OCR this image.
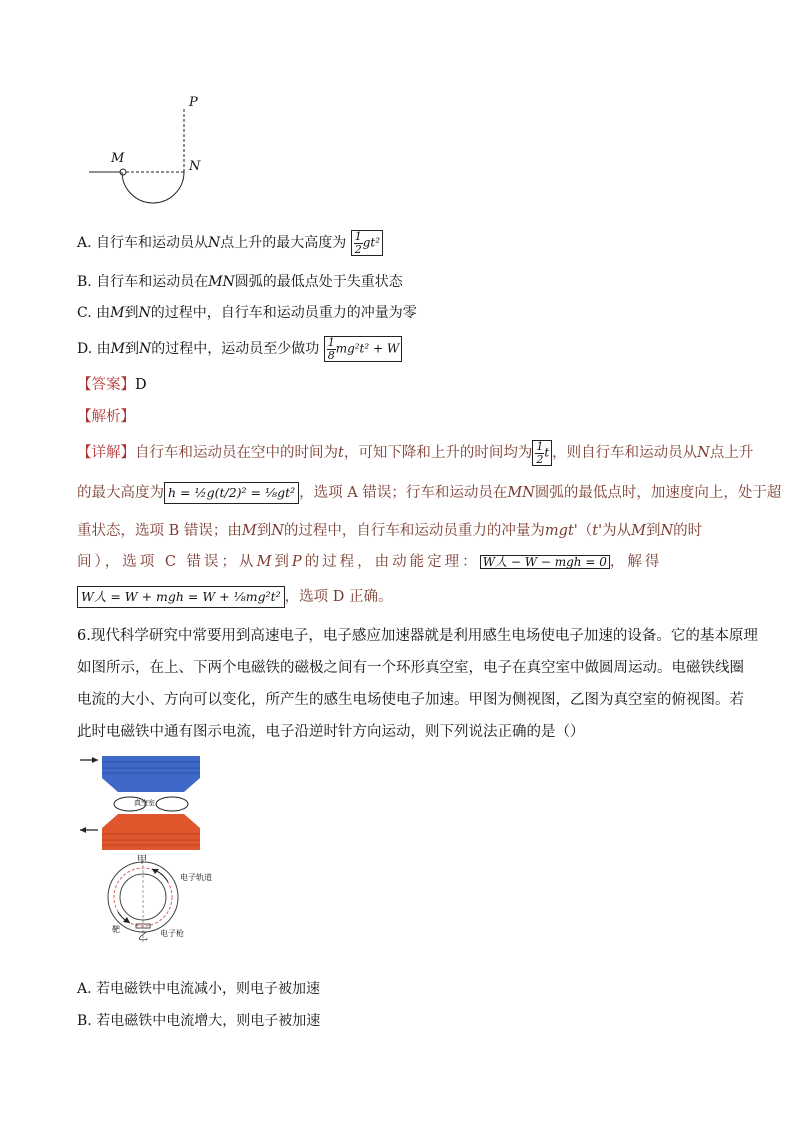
P
M
N
A. 自行车和运动员从N点上升的最大高度为 $\frac{1}{2} gt^2$
B. 自行车和运动员在MN圆弧的最低点处于失重状态
C. 由M到N的过程中，自行车和运动员重力的冲量为零
D. 由M到N的过程中，运动员至少做功 $\frac{1}{8} mg^2t^2 + W$
【答案】D
【解析】
【详解】自行车和运动员在空中的时间为t，可知下降和上升的时间均为 $\frac{1}{2}$ t ，则自行车和运动员从N点上升
的最大高度为 h = ½g(t/2)² = ⅛gt² ，选项 A 错误；行车和运动员在MN圆弧的最低点时，加速度向上，处于超
重状态，选项 B 错误；由M到N的过程中，自行车和运动员重力的冲量为mgt'（t'为从M到N的时
间），选项 C 错误；从M到P的过程，由动能定理： W人 − W − mgh = 0 ，解得
W人 = W + mgh = W + ⅛mg²t² ，选项 D 正确。
6.现代科学研究中常要用到高速电子，电子感应加速器就是利用感生电场使电子加速的设备。它的基本原理
如图所示，在上、下两个电磁铁的磁极之间有一个环形真空室，电子在真空室中做圆周运动。电磁铁线圈
电流的大小、方向可以变化，所产生的感生电场使电子加速。甲图为侧视图，乙图为真空室的俯视图。若
此时电磁铁中通有图示电流，电子沿逆时针方向运动，则下列说法正确的是（）
真空室
甲
电子轨道
靶	电子枪
乙
A. 若电磁铁中电流减小，则电子被加速
B. 若电磁铁中电流增大，则电子被加速
